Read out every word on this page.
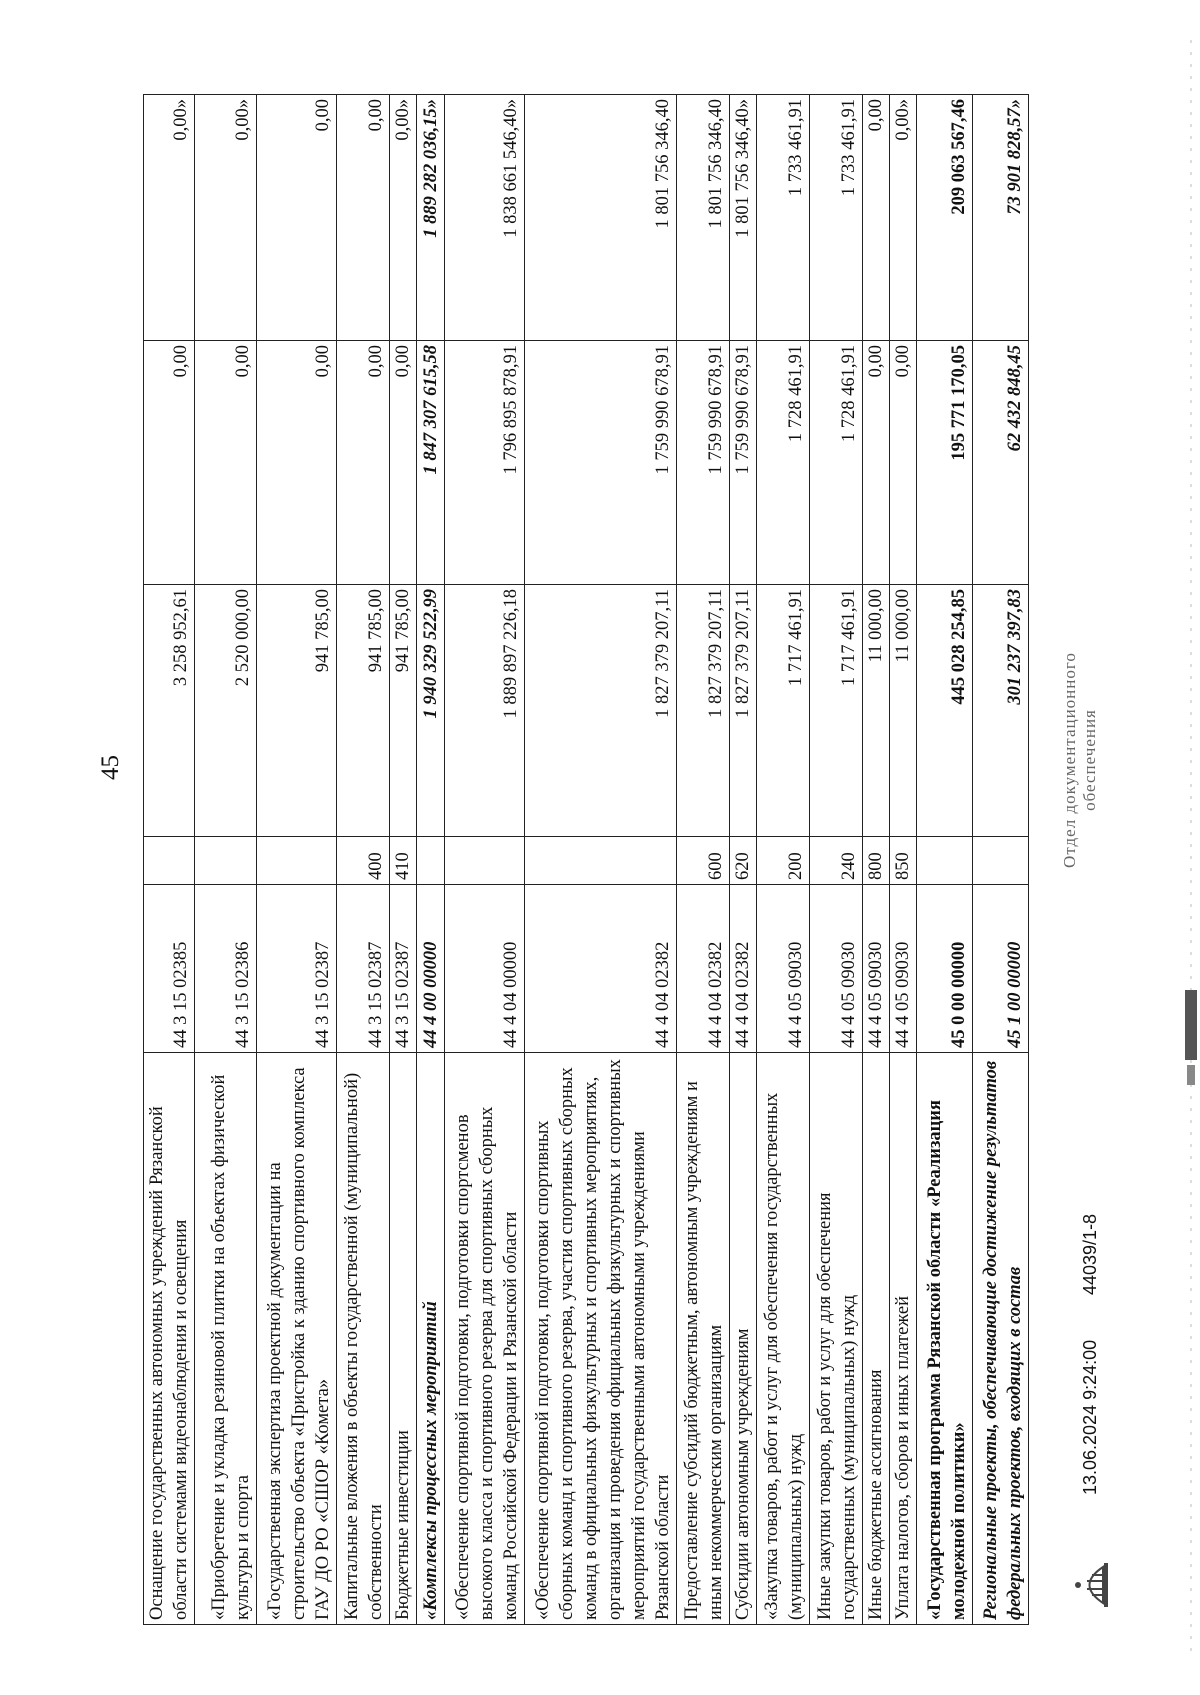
45
Оснащение государственных автономных учреждений Рязанской области системами видеонаблюдения и освещения	44 3 15 02385		3 258 952,61	0,00	0,00»
«Приобретение и укладка резиновой плитки на объектах физической культуры и спорта	44 3 15 02386		2 520 000,00	0,00	0,00»
«Государственная экспертиза проектной документации на строительство объекта «Пристройка к зданию спортивного комплекса ГАУ ДО РО «СШОР «Комета»	44 3 15 02387		941 785,00	0,00	0,00
Капитальные вложения в объекты государственной (муниципальной) собственности	44 3 15 02387	400	941 785,00	0,00	0,00
Бюджетные инвестиции	44 3 15 02387	410	941 785,00	0,00	0,00»
«Комплексы процессных мероприятий	44 4 00 00000		1 940 329 522,99	1 847 307 615,58	1 889 282 036,15»
«Обеспечение спортивной подготовки, подготовки спортсменов высокого класса и спортивного резерва для спортивных сборных команд Российской Федерации и Рязанской области	44 4 04 00000		1 889 897 226,18	1 796 895 878,91	1 838 661 546,40»
«Обеспечение спортивной подготовки, подготовки спортивных сборных команд и спортивного резерва, участия спортивных сборных команд в официальных физкультурных и спортивных мероприятиях, организация и проведения официальных физкультурных и спортивных мероприятий государственными автономными учреждениями Рязанской области	44 4 04 02382		1 827 379 207,11	1 759 990 678,91	1 801 756 346,40
Предоставление субсидий бюджетным, автономным учреждениям и иным некоммерческим организациям	44 4 04 02382	600	1 827 379 207,11	1 759 990 678,91	1 801 756 346,40
Субсидии автономным учреждениям	44 4 04 02382	620	1 827 379 207,11	1 759 990 678,91	1 801 756 346,40»
«Закупка товаров, работ и услуг для обеспечения государственных (муниципальных) нужд	44 4 05 09030	200	1 717 461,91	1 728 461,91	1 733 461,91
Иные закупки товаров, работ и услуг для обеспечения государственных (муниципальных) нужд	44 4 05 09030	240	1 717 461,91	1 728 461,91	1 733 461,91
Иные бюджетные ассигнования	44 4 05 09030	800	11 000,00	0,00	0,00
Уплата налогов, сборов и иных платежей	44 4 05 09030	850	11 000,00	0,00	0,00»
«Государственная программа Рязанской области «Реализация молодежной политики»	45 0 00 00000		445 028 254,85	195 771 170,05	209 063 567,46
Региональные проекты, обеспечивающие достижение результатов федеральных проектов, входящих в состав	45 1 00 00000		301 237 397,83	62 432 848,45	73 901 828,57»
13.06.2024 9:24:00
44039/1-8
Отдел документационного обеспечения
